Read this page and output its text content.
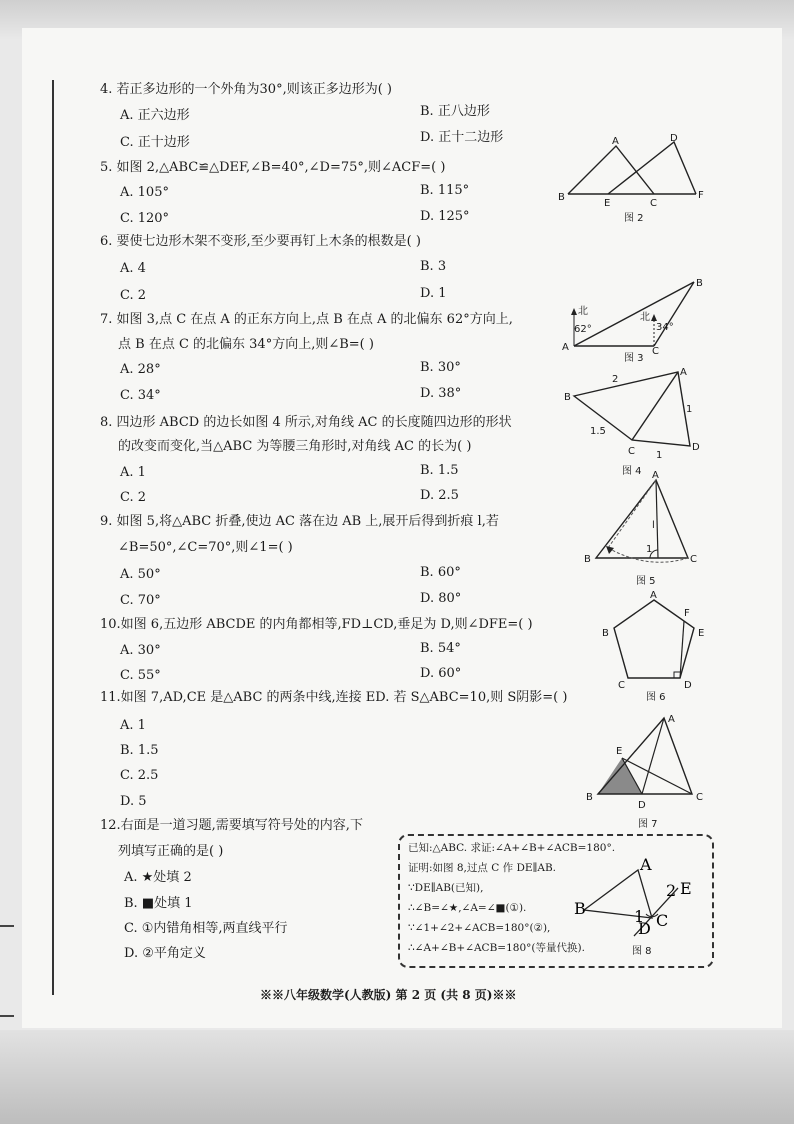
4. 若正多边形的一个外角为30°,则该正多边形为( )
A. 正六边形	B. 正八边形
C. 正十边形	D. 正十二边形
5. 如图 2,△ABC≌△DEF,∠B=40°,∠D=75°,则∠ACF=( )
A. 105°	B. 115°
C. 120°	D. 125°
A	D
B
E	C
F
图 2
6. 要使七边形木架不变形,至少要再钉上木条的根数是( )
A. 4	B. 3
C. 2	D. 1
7. 如图 3,点 C 在点 A 的正东方向上,点 B 在点 A 的北偏东 62°方向上,
点 B 在点 C 的北偏东 34°方向上,则∠B=( )
A. 28°	B. 30°
C. 34°	D. 38°
北
北
62°	34°
A	C
B
图 3
8. 四边形 ABCD 的边长如图 4 所示,对角线 AC 的长度随四边形的形状
的改变而变化,当△ABC 为等腰三角形时,对角线 AC 的长为( )
A. 1	B. 1.5
C. 2	D. 2.5
B
A
C	D
2
1
1.5
1
图 4
9. 如图 5,将△ABC 折叠,使边 AC 落在边 AB 上,展开后得到折痕 l,若
∠B=50°,∠C=70°,则∠1=( )
A. 50°	B. 60°
C. 70°	D. 80°
B
A
C
l
1
图 5
10.如图 6,五边形 ABCDE 的内角都相等,FD⊥CD,垂足为 D,则∠DFE=( )
A. 30°	B. 54°
C. 55°	D. 60°
A
F
E
B
C	D
图 6
11.如图 7,AD,CE 是△ABC 的两条中线,连接 ED. 若 S△ABC=10,则 S阴影=( )
A. 1
B. 1.5
C. 2.5
D. 5
A
E
B
D
C
图 7
12.右面是一道习题,需要填写符号处的内容,下
列填写正确的是( )
A. ★处填 2
B. ■处填 1
C. ①内错角相等,两直线平行
D. ②平角定义
已知:△ABC. 求证:∠A+∠B+∠ACB=180°.
证明:如图 8,过点 C 作 DE∥AB.
∵DE∥AB(已知),
∴∠B=∠★,∠A=∠■(①).
∵∠1+∠2+∠ACB=180°(②),
∴∠A+∠B+∠ACB=180°(等量代换).
A
B
C
D
E
1
2
图 8
※※八年级数学(人教版) 第 2 页 (共 8 页)※※
